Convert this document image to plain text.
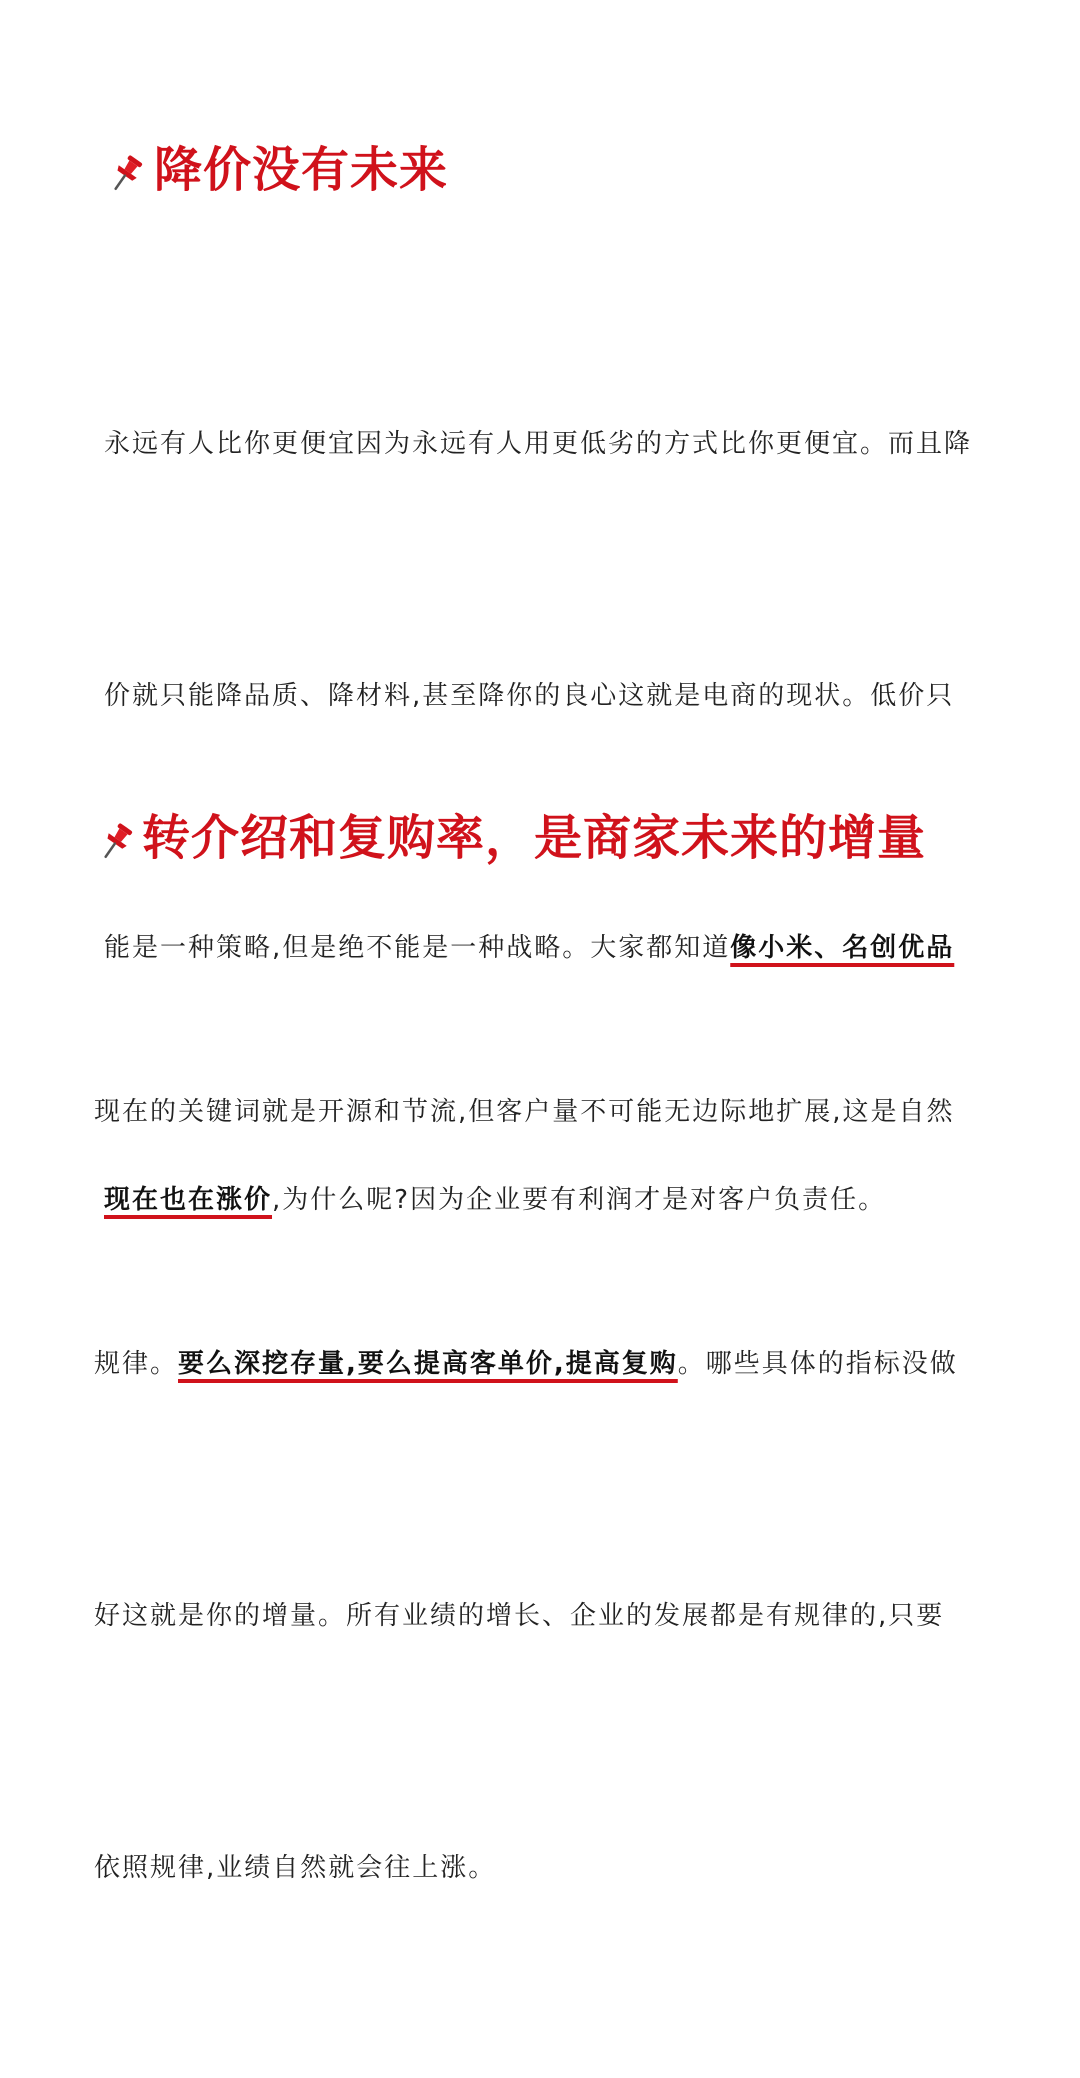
降价没有未来

永远有人比你更便宜因为永远有人用更低劣的方式比你更便宜。而且降

价就只能降品质、降材料,甚至降你的良心这就是电商的现状。低价只

能是一种策略,但是绝不能是一种战略。大家都知道像小米、名创优品

现在也在涨价,为什么呢?因为企业要有利润才是对客户负责任。

转介绍和复购率，是商家未来的增量

现在的关键词就是开源和节流,但客户量不可能无边际地扩展,这是自然

规律。要么深挖存量,要么提高客单价,提高复购。哪些具体的指标没做

好这就是你的增量。所有业绩的增长、企业的发展都是有规律的,只要

依照规律,业绩自然就会往上涨。
